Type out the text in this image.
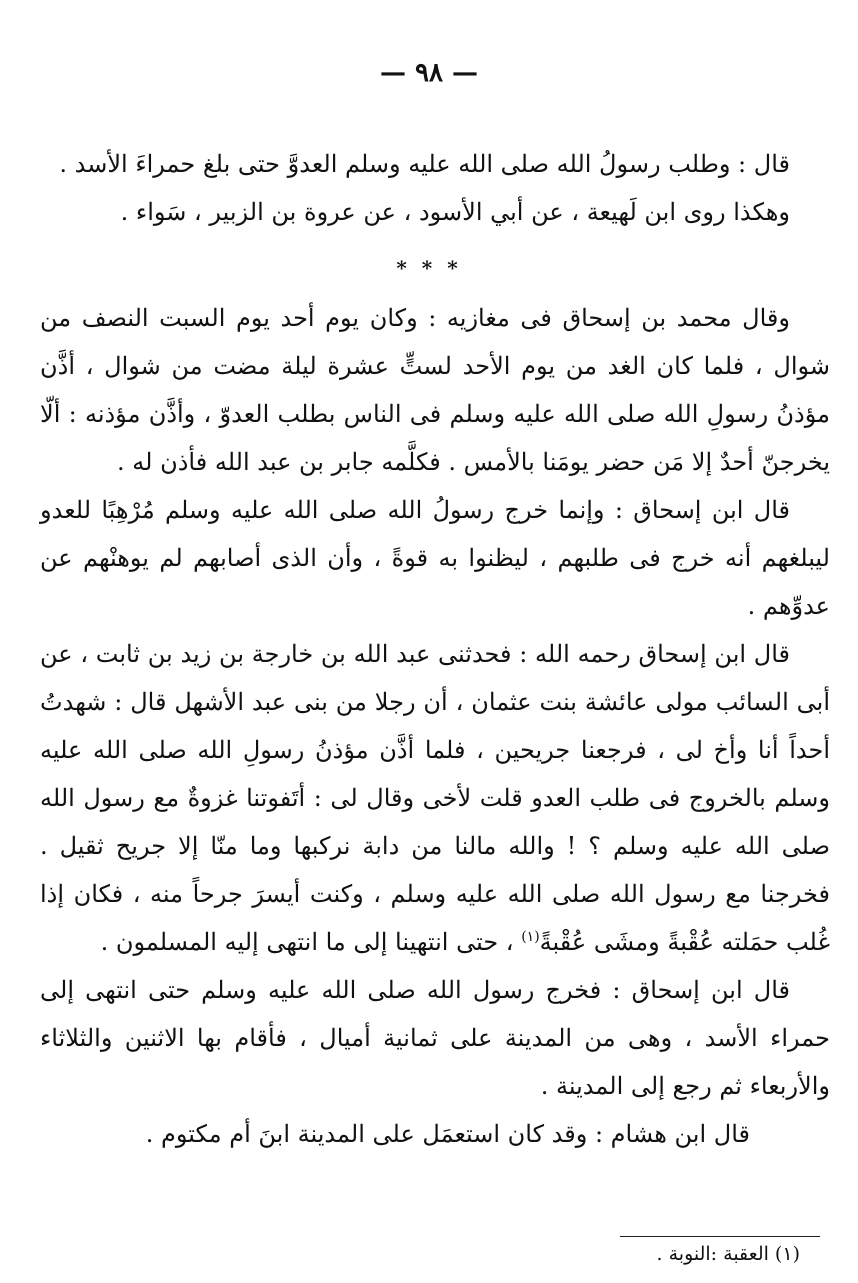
— ٩٨ —

قال : وطلب رسولُ الله صلى الله عليه وسلم العدوَّ حتى بلغ حمراءَ الأسد .

وهكذا روى ابن لَهيعة ، عن أبي الأسود ، عن عروة بن الزبير ، سَواء .

* * *

وقال محمد بن إسحاق فى مغازيه : وكان يوم أحد يوم السبت النصف من شوال ، فلما كان الغد من يوم الأحد لستٍّ عشرة ليلة مضت من شوال ، أذَّن مؤذنُ رسولِ الله صلى الله عليه وسلم فى الناس بطلب العدوّ ، وأذَّن مؤذنه : ألّا يخرجنّ أحدٌ إلا مَن حضر يومَنا بالأمس . فكلَّمه جابر بن عبد الله فأذن له .

قال ابن إسحاق : وإنما خرج رسولُ الله صلى الله عليه وسلم مُرْهِبًا للعدو ليبلغهم أنه خرج فى طلبهم ، ليظنوا به قوةً ، وأن الذى أصابهم لم يوهنْهم عن عدوِّهم .

قال ابن إسحاق رحمه الله : فحدثنى عبد الله بن خارجة بن زيد بن ثابت ، عن أبى السائب مولى عائشة بنت عثمان ، أن رجلا من بنى عبد الأشهل قال : شهدتُ أحداً أنا وأخ لى ، فرجعنا جريحين ، فلما أذَّن مؤذنُ رسولِ الله صلى الله عليه وسلم بالخروج فى طلب العدو قلت لأخى وقال لى : أتَفوتنا غزوةٌ مع رسول الله صلى الله عليه وسلم ؟ ! والله مالنا من دابة نركبها وما منّا إلا جريح ثقيل . فخرجنا مع رسول الله صلى الله عليه وسلم ، وكنت أيسرَ جرحاً منه ، فكان إذا غُلب حمَلته عُقْبةً ومشَى عُقْبةً$^{(١)}$ ، حتى انتهينا إلى ما انتهى إليه المسلمون .

قال ابن إسحاق : فخرج رسول الله صلى الله عليه وسلم حتى انتهى إلى حمراء الأسد ، وهى من المدينة على ثمانية أميال ، فأقام بها الاثنين والثلاثاء والأربعاء ثم رجع إلى المدينة .

قال ابن هشام : وقد كان استعمَل على المدينة ابنَ أم مكتوم .

(١) العقبة :النوبة .
